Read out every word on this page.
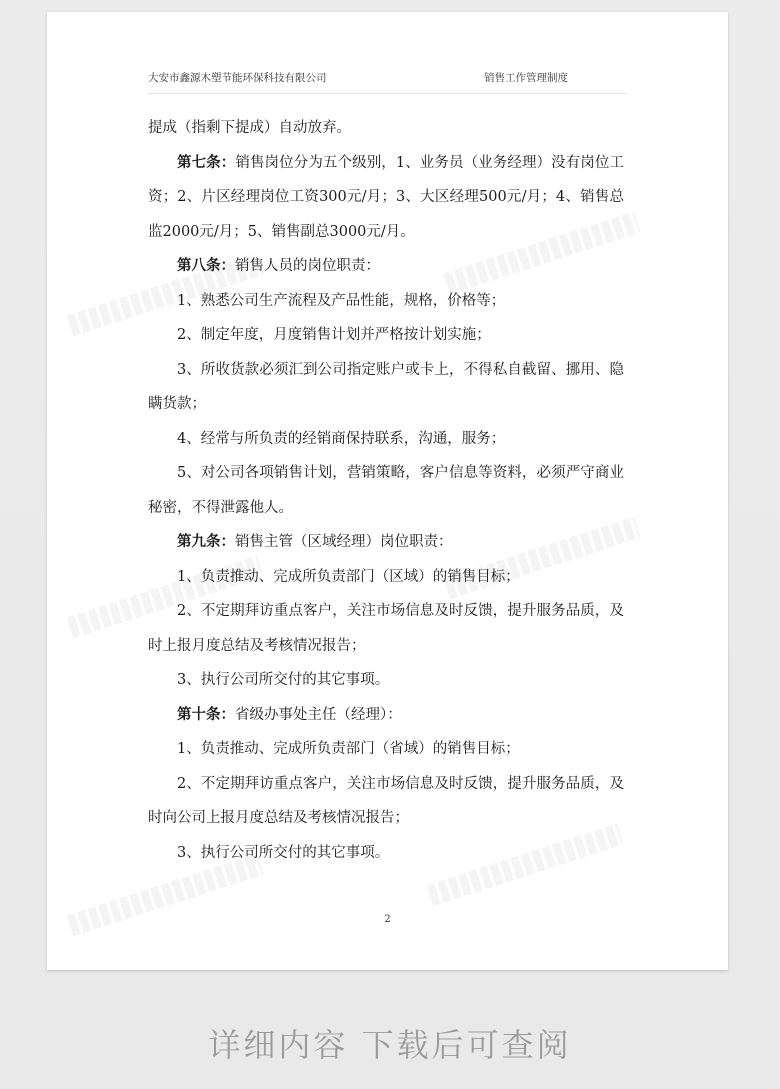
大安市鑫源木塑节能环保科技有限公司	销售工作管理制度

提成（指剩下提成）自动放弃。

第七条：销售岗位分为五个级别，1、业务员（业务经理）没有岗位工资；2、片区经理岗位工资300元/月；3、大区经理500元/月；4、销售总监2000元/月；5、销售副总3000元/月。

第八条：销售人员的岗位职责：

1、熟悉公司生产流程及产品性能，规格，价格等；

2、制定年度，月度销售计划并严格按计划实施；

3、所收货款必须汇到公司指定账户或卡上，不得私自截留、挪用、隐瞒货款；

4、经常与所负责的经销商保持联系，沟通，服务；

5、对公司各项销售计划，营销策略，客户信息等资料，必须严守商业秘密，不得泄露他人。

第九条：销售主管（区域经理）岗位职责：

1、负责推动、完成所负责部门（区域）的销售目标；

2、不定期拜访重点客户，关注市场信息及时反馈，提升服务品质，及时上报月度总结及考核情况报告；

3、执行公司所交付的其它事项。

第十条：省级办事处主任（经理）：

1、负责推动、完成所负责部门（省域）的销售目标；

2、不定期拜访重点客户，关注市场信息及时反馈，提升服务品质，及时向公司上报月度总结及考核情况报告；

3、执行公司所交付的其它事项。

2
详细内容 下载后可查阅
